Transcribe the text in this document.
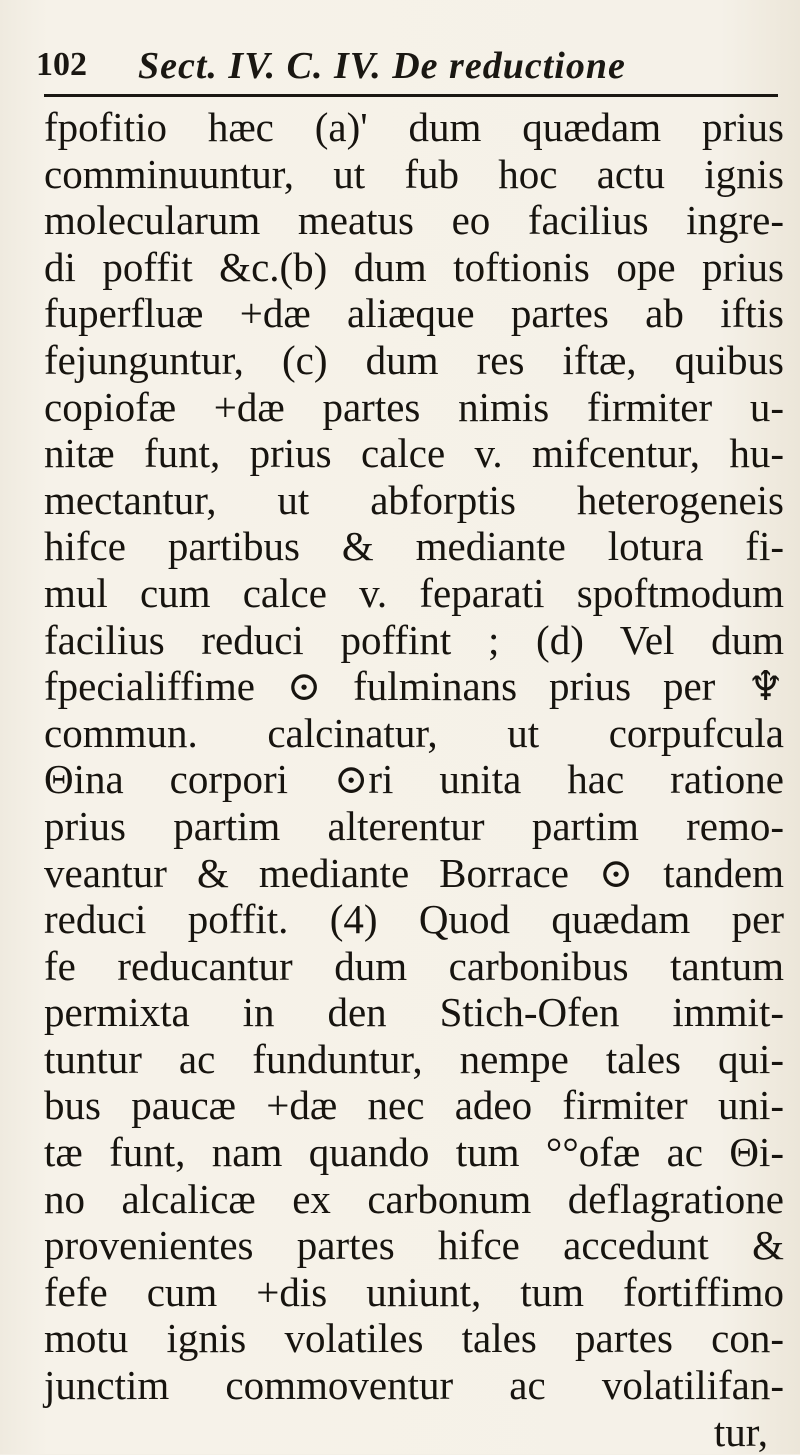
102 Sect. IV. C. IV. De reductione
fpofitio hæc (a)' dum quædam prius
comminuuntur, ut fub hoc actu ignis
molecularum meatus eo facilius ingre-
di poffit &c.(b) dum toftionis ope prius
fuperfluæ +dæ aliæque partes ab iftis
fejunguntur, (c) dum res iftæ, quibus
copiofæ +dæ partes nimis firmiter u-
nitæ funt, prius calce v. mifcentur, hu-
mectantur, ut abforptis heterogeneis
hifce partibus & mediante lotura fi-
mul cum calce v. feparati spoftmodum
facilius reduci poffint ; (d) Vel dum
fpecialiffime ⊙ fulminans prius per ♆
commun. calcinatur, ut corpufcula
Θina corpori ⊙ri unita hac ratione
prius partim alterentur partim remo-
veantur & mediante Borrace ⊙ tandem
reduci poffit. (4) Quod quædam per
fe reducantur dum carbonibus tantum
permixta in den Stich-Ofen immit-
tuntur ac funduntur, nempe tales qui-
bus paucæ +dæ nec adeo firmiter uni-
tæ funt, nam quando tum °°ofæ ac Θi-
no alcalicæ ex carbonum deflagratione
provenientes partes hifce accedunt &
fefe cum +dis uniunt, tum fortiffimo
motu ignis volatiles tales partes con-
junctim commoventur ac volatilifan-
tur,
